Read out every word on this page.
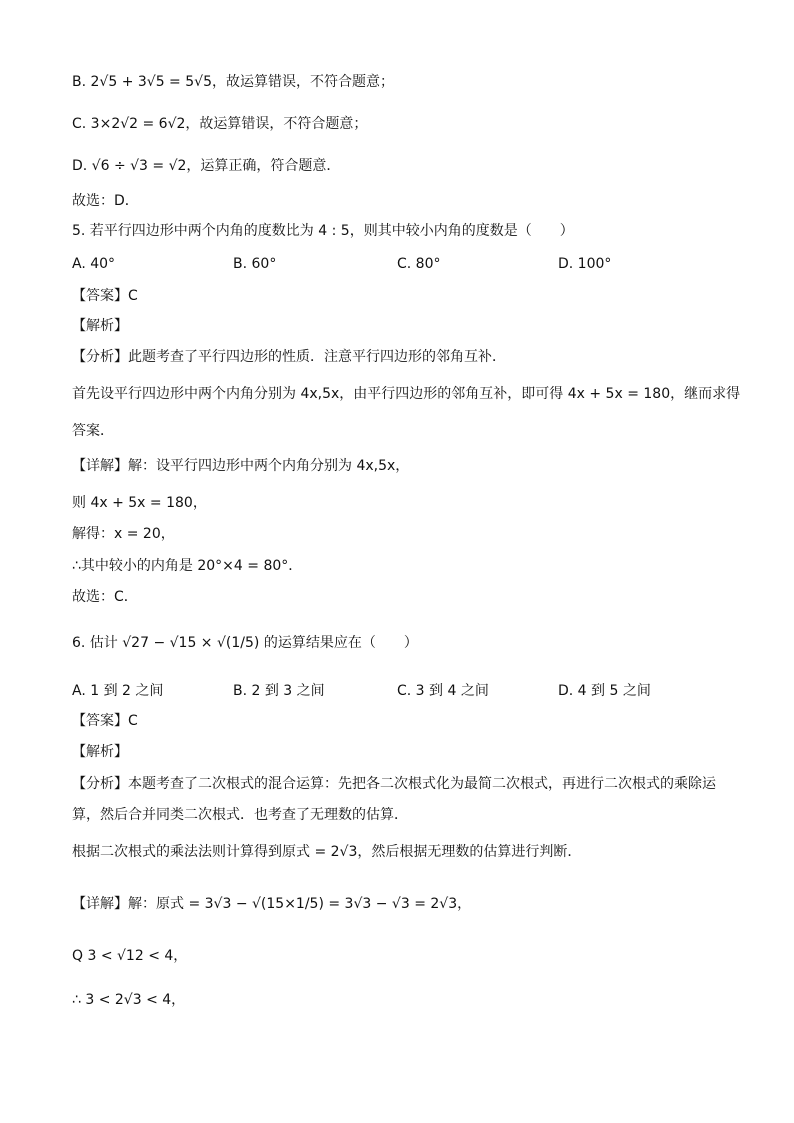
B. 2√5 + 3√5 = 5√5，故运算错误，不符合题意；
C. 3×2√2 = 6√2，故运算错误，不符合题意；
D. √6 ÷ √3 = √2，运算正确，符合题意．
故选：D．
5. 若平行四边形中两个内角的度数比为 4 : 5，则其中较小内角的度数是（　　）
A. 40°	B. 60°	C. 80°	D. 100°
【答案】C
【解析】
【分析】此题考查了平行四边形的性质．注意平行四边形的邻角互补．
首先设平行四边形中两个内角分别为 4x,5x，由平行四边形的邻角互补，即可得 4x + 5x = 180，继而求得
答案．
【详解】解：设平行四边形中两个内角分别为 4x,5x，
则 4x + 5x = 180，
解得：x = 20，
∴其中较小的内角是 20°×4 = 80°．
故选：C．
6. 估计 √27 − √15 × √(1/5) 的运算结果应在（　　）
A. 1 到 2 之间	B. 2 到 3 之间	C. 3 到 4 之间	D. 4 到 5 之间
【答案】C
【解析】
【分析】本题考查了二次根式的混合运算：先把各二次根式化为最简二次根式，再进行二次根式的乘除运
算，然后合并同类二次根式．也考查了无理数的估算．
根据二次根式的乘法法则计算得到原式 = 2√3，然后根据无理数的估算进行判断．
【详解】解：原式 = 3√3 − √(15×1/5) = 3√3 − √3 = 2√3，
Q 3 < √12 < 4，
∴ 3 < 2√3 < 4，
